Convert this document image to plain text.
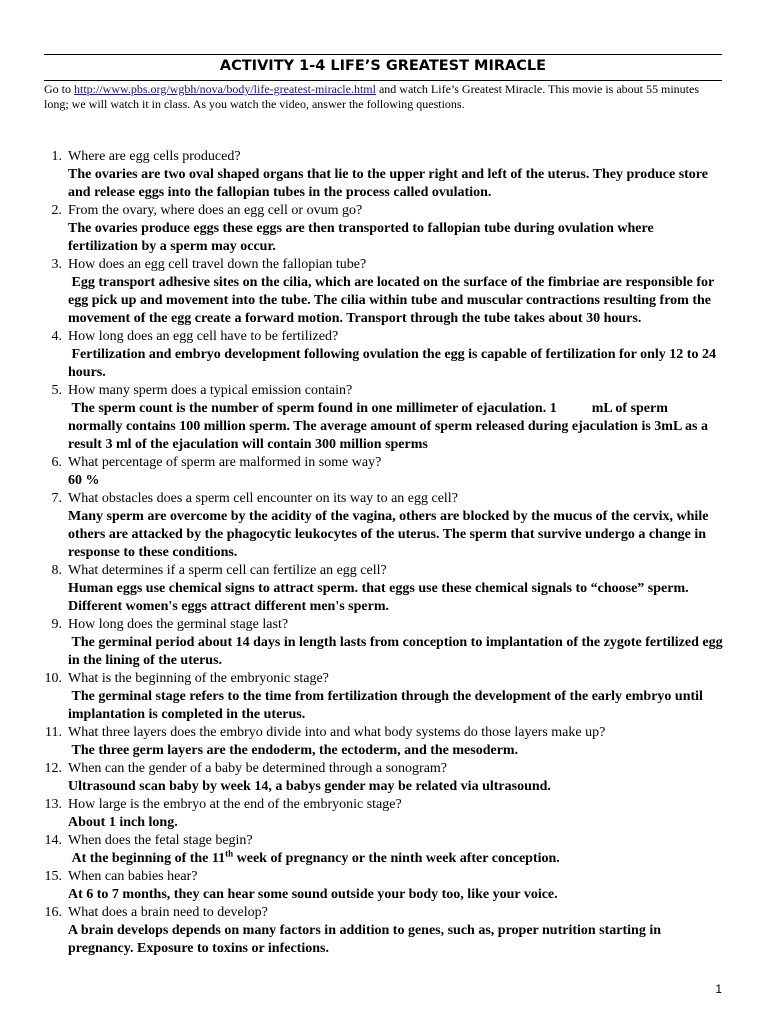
ACTIVITY 1-4 LIFE’S GREATEST MIRACLE
Go to http://www.pbs.org/wgbh/nova/body/life-greatest-miracle.html and watch Life’s Greatest Miracle. This movie is about 55 minutes long; we will watch it in class. As you watch the video, answer the following questions.
1. Where are egg cells produced?
The ovaries are two oval shaped organs that lie to the upper right and left of the uterus. They produce store and release eggs into the fallopian tubes in the process called ovulation.
2. From the ovary, where does an egg cell or ovum go?
The ovaries produce eggs these eggs are then transported to fallopian tube during ovulation where fertilization by a sperm may occur.
3. How does an egg cell travel down the fallopian tube?
Egg transport adhesive sites on the cilia, which are located on the surface of the fimbriae are responsible for egg pick up and movement into the tube. The cilia within tube and muscular contractions resulting from the movement of the egg create a forward motion. Transport through the tube takes about 30 hours.
4. How long does an egg cell have to be fertilized?
Fertilization and embryo development following ovulation the egg is capable of fertilization for only 12 to 24 hours.
5. How many sperm does a typical emission contain?
The sperm count is the number of sperm found in one millimeter of ejaculation. 1          mL of sperm normally contains 100 million sperm. The average amount of sperm released during ejaculation is 3mL as a result 3 ml of the ejaculation will contain 300 million sperms
6. What percentage of sperm are malformed in some way?
60 %
7. What obstacles does a sperm cell encounter on its way to an egg cell?
Many sperm are overcome by the acidity of the vagina, others are blocked by the mucus of the cervix, while others are attacked by the phagocytic leukocytes of the uterus. The sperm that survive undergo a change in response to these conditions.
8. What determines if a sperm cell can fertilize an egg cell?
Human eggs use chemical signs to attract sperm. that eggs use these chemical signals to “choose” sperm. Different women's eggs attract different men's sperm.
9. How long does the germinal stage last?
The germinal period about 14 days in length lasts from conception to implantation of the zygote fertilized egg in the lining of the uterus.
10. What is the beginning of the embryonic stage?
The germinal stage refers to the time from fertilization through the development of the early embryo until implantation is completed in the uterus.
11. What three layers does the embryo divide into and what body systems do those layers make up?
The three germ layers are the endoderm, the ectoderm, and the mesoderm.
12. When can the gender of a baby be determined through a sonogram?
Ultrasound scan baby by week 14, a babys gender may be related via ultrasound.
13. How large is the embryo at the end of the embryonic stage?
About 1 inch long.
14. When does the fetal stage begin?
At the beginning of the 11th week of pregnancy or the ninth week after conception.
15. When can babies hear?
At 6 to 7 months, they can hear some sound outside your body too, like your voice.
16. What does a brain need to develop?
A brain develops depends on many factors in addition to genes, such as, proper nutrition starting in pregnancy. Exposure to toxins or infections.
1
